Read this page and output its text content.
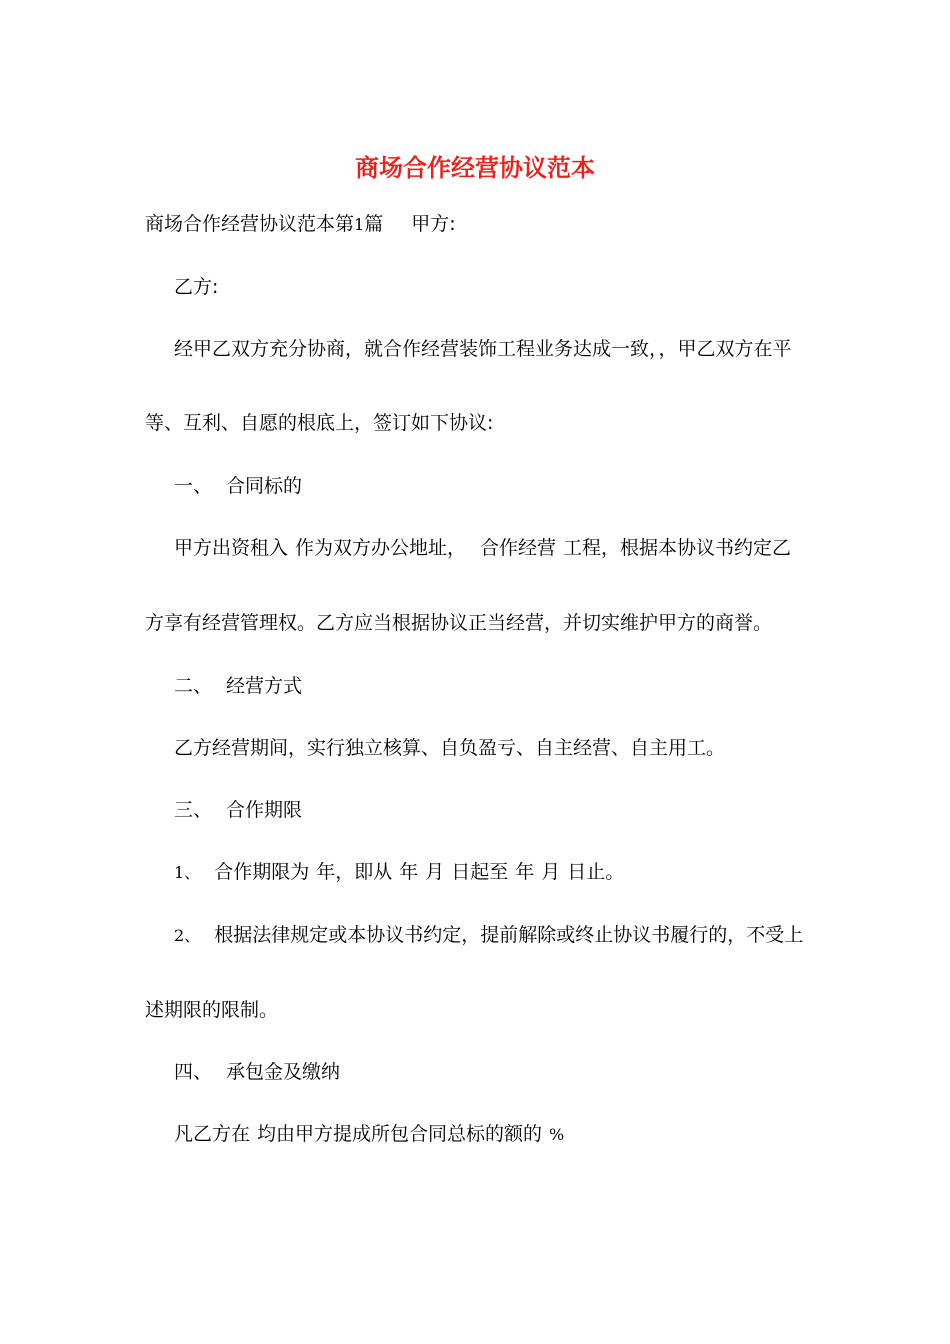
商场合作经营协议范本
商场合作经营协议范本第1篇 甲方:
乙方:
经甲乙双方充分协商，就合作经营装饰工程业务达成一致，，甲乙双方在平
等、互利、自愿的根底上，签订如下协议:
一、 合同标的
甲方出资租入 作为双方办公地址， 合作经营 工程，根据本协议书约定乙
方享有经营管理权。乙方应当根据协议正当经营，并切实维护甲方的商誉。
二、 经营方式
乙方经营期间，实行独立核算、自负盈亏、自主经营、自主用工。
三、 合作期限
1、 合作期限为 年，即从 年 月 日起至 年 月 日止。
2、 根据法律规定或本协议书约定，提前解除或终止协议书履行的，不受上
述期限的限制。
四、 承包金及缴纳
凡乙方在 均由甲方提成所包合同总标的额的 %
